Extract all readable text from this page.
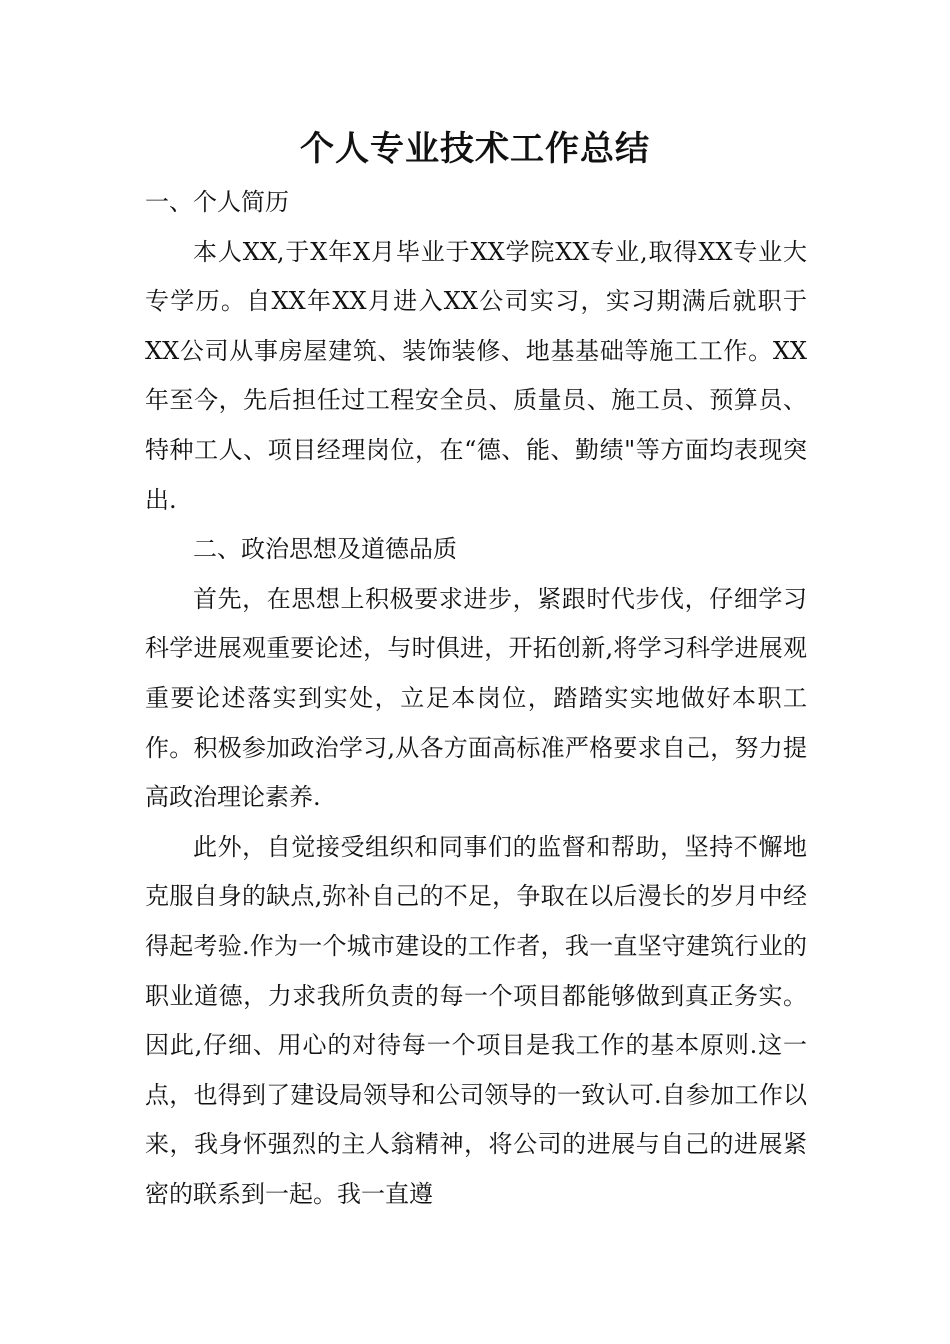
个人专业技术工作总结

一、个人简历

本人XX,于X年X月毕业于XX学院XX专业,取得XX专业大专学历。自XX年XX月进入XX公司实习，实习期满后就职于XX公司从事房屋建筑、装饰装修、地基基础等施工工作。XX年至今，先后担任过工程安全员、质量员、施工员、预算员、特种工人、项目经理岗位，在“德、能、勤绩"等方面均表现突出.

二、政治思想及道德品质

首先，在思想上积极要求进步，紧跟时代步伐，仔细学习科学进展观重要论述，与时俱进，开拓创新,将学习科学进展观重要论述落实到实处，立足本岗位，踏踏实实地做好本职工作。积极参加政治学习,从各方面高标准严格要求自己，努力提高政治理论素养.

此外，自觉接受组织和同事们的监督和帮助，坚持不懈地克服自身的缺点,弥补自己的不足，争取在以后漫长的岁月中经得起考验.作为一个城市建设的工作者，我一直坚守建筑行业的职业道德，力求我所负责的每一个项目都能够做到真正务实。因此,仔细、用心的对待每一个项目是我工作的基本原则.这一点，也得到了建设局领导和公司领导的一致认可.自参加工作以来，我身怀强烈的主人翁精神，将公司的进展与自己的进展紧密的联系到一起。我一直遵
